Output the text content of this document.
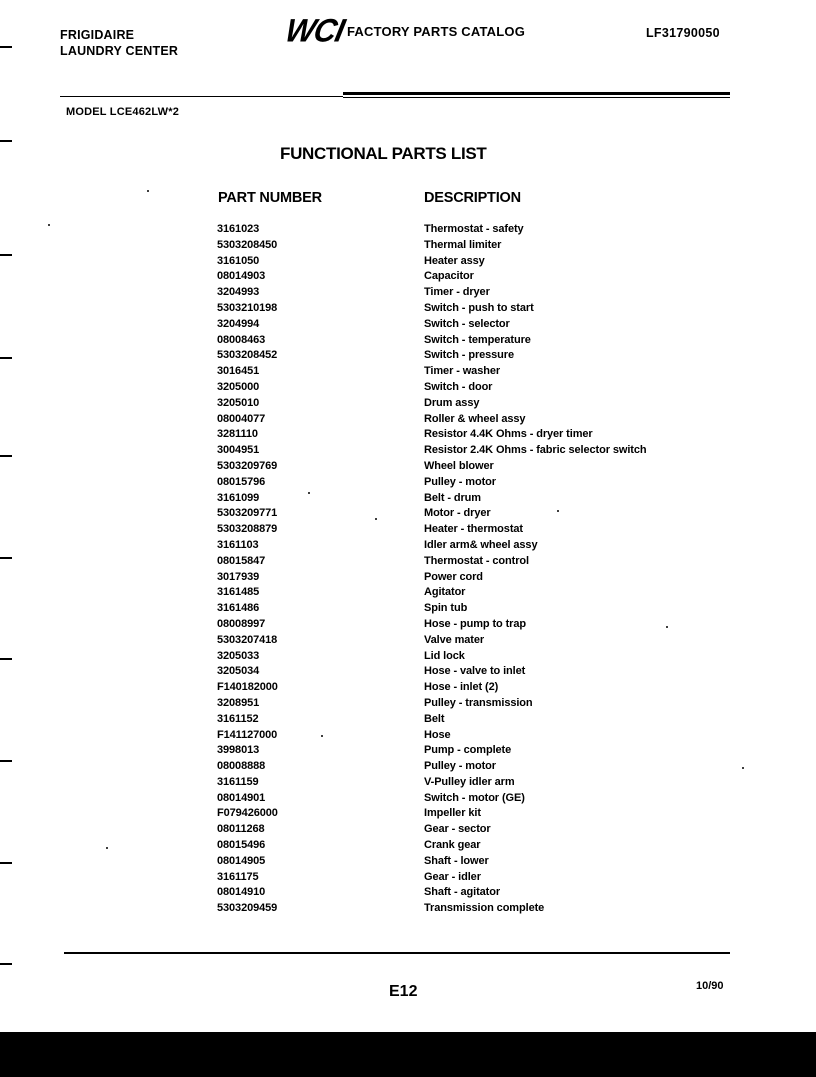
FRIGIDAIRE
LAUNDRY CENTER
WCI FACTORY PARTS CATALOG	LF31790050
MODEL LCE462LW*2
FUNCTIONAL PARTS LIST
PART NUMBER	DESCRIPTION
3161023	Thermostat - safety
5303208450	Thermal limiter
3161050	Heater assy
08014903	Capacitor
3204993	Timer - dryer
5303210198	Switch - push to start
3204994	Switch - selector
08008463	Switch - temperature
5303208452	Switch - pressure
3016451	Timer - washer
3205000	Switch - door
3205010	Drum assy
08004077	Roller & wheel assy
3281110	Resistor 4.4K Ohms - dryer timer
3004951	Resistor 2.4K Ohms - fabric selector switch
5303209769	Wheel blower
08015796	Pulley - motor
3161099	Belt - drum
5303209771	Motor - dryer
5303208879	Heater - thermostat
3161103	Idler arm& wheel assy
08015847	Thermostat - control
3017939	Power cord
3161485	Agitator
3161486	Spin tub
08008997	Hose - pump to trap
5303207418	Valve mater
3205033	Lid lock
3205034	Hose - valve to inlet
F140182000	Hose - inlet (2)
3208951	Pulley - transmission
3161152	Belt
F141127000	Hose
3998013	Pump - complete
08008888	Pulley - motor
3161159	V-Pulley idler arm
08014901	Switch - motor (GE)
F079426000	Impeller kit
08011268	Gear - sector
08015496	Crank gear
08014905	Shaft - lower
3161175	Gear - idler
08014910	Shaft - agitator
5303209459	Transmission complete
E12	10/90
